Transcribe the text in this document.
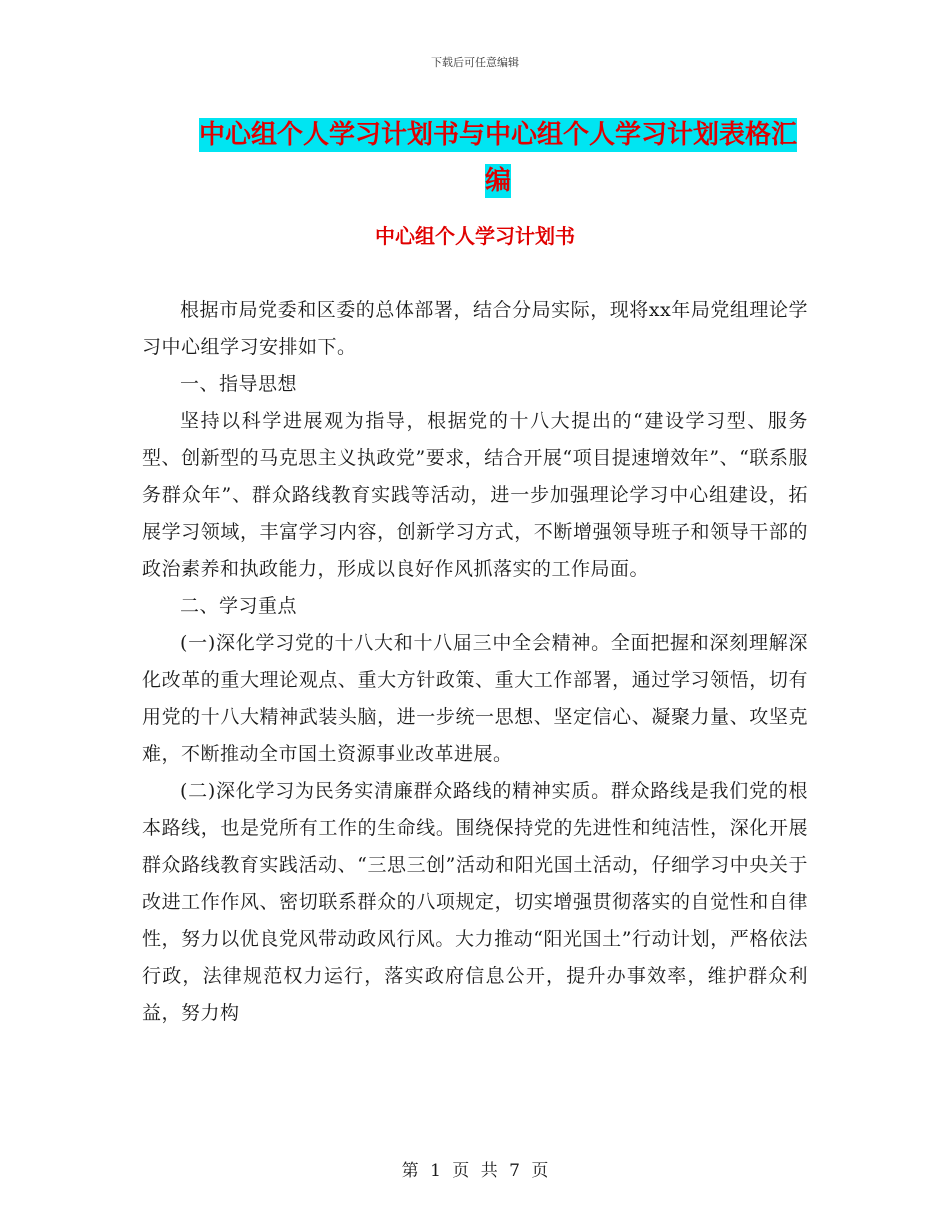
下载后可任意编辑
中心组个人学习计划书与中心组个人学习计划表格汇编
中心组个人学习计划书

根据市局党委和区委的总体部署，结合分局实际，现将xx年局党组理论学习中心组学习安排如下。

一、指导思想

坚持以科学进展观为指导，根据党的十八大提出的“建设学习型、服务型、创新型的马克思主义执政党”要求，结合开展“项目提速增效年”、“联系服务群众年”、群众路线教育实践等活动，进一步加强理论学习中心组建设，拓展学习领域，丰富学习内容，创新学习方式，不断增强领导班子和领导干部的政治素养和执政能力，形成以良好作风抓落实的工作局面。

二、学习重点

(一)深化学习党的十八大和十八届三中全会精神。全面把握和深刻理解深化改革的重大理论观点、重大方针政策、重大工作部署，通过学习领悟，切有用党的十八大精神武装头脑，进一步统一思想、坚定信心、凝聚力量、攻坚克难，不断推动全市国土资源事业改革进展。

(二)深化学习为民务实清廉群众路线的精神实质。群众路线是我们党的根本路线，也是党所有工作的生命线。围绕保持党的先进性和纯洁性，深化开展群众路线教育实践活动、“三思三创”活动和阳光国土活动，仔细学习中央关于改进工作作风、密切联系群众的八项规定，切实增强贯彻落实的自觉性和自律性，努力以优良党风带动政风行风。大力推动“阳光国土”行动计划，严格依法行政，法律规范权力运行，落实政府信息公开，提升办事效率，维护群众利益，努力构

第 1 页 共 7 页
